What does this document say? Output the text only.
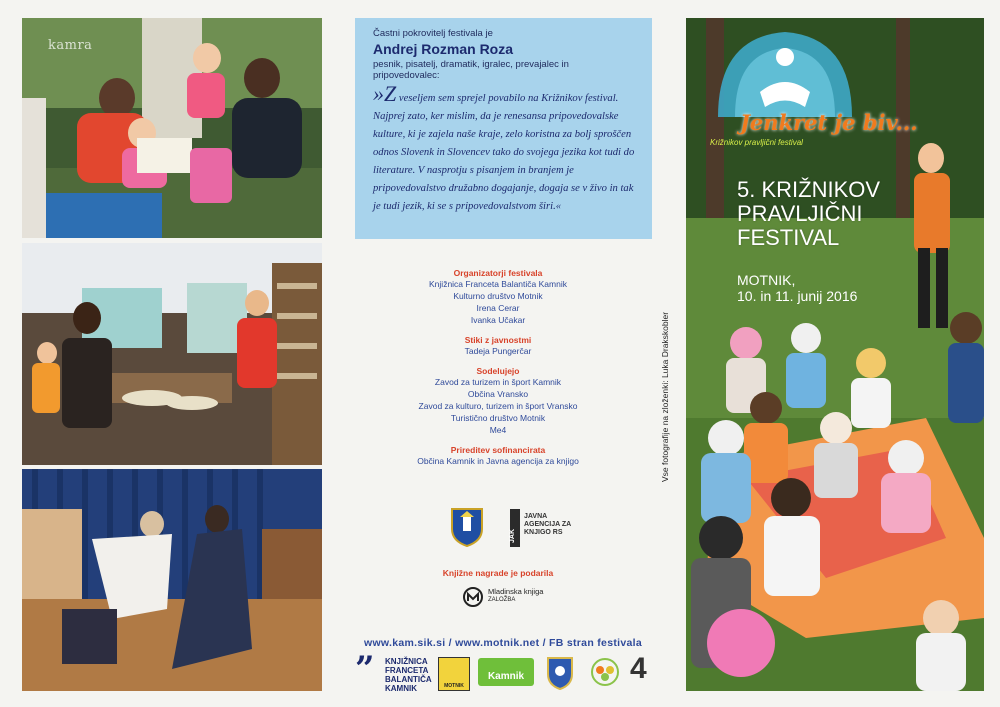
kamra
Častni pokrovitelj festivala je
Andrej Rozman Roza
pesnik, pisatelj, dramatik, igralec, prevajalec in pripovedovalec:
»Z veseljem sem sprejel povabilo na Križnikov festival. Najprej zato, ker mislim, da je renesansa pripovedovalske kulture, ki je zajela naše kraje, zelo koristna za bolj sproščen odnos Slovenk in Slovencev tako do svojega jezika kot tudi do literature. V nasprotju s pisanjem in branjem je pripovedovalstvo družabno dogajanje, dogaja se v živo in tak je tudi jezik, ki se s pripovedovalstvom širi.«
Organizatorji festivala
Knjižnica Franceta Balantiča Kamnik
Kulturno društvo Motnik
Irena Cerar
Ivanka Učakar
Stiki z javnostmi
Tadeja Pungerčar
Sodelujejo
Zavod za turizem in šport Kamnik
Občina Vransko
Zavod za kulturo, turizem in šport Vransko
Turistično društvo Motnik
Me4
Prireditev sofinancirata
Občina Kamnik in Javna agencija za knjigo
JAK
JAVNA
AGENCIJA ZA
KNJIGO RS
Knjižne nagrade je podarila
Mladinska knjiga
ZALOŽBA
Vse fotografije na zloženki: Luka Drakskobler
www.kam.sik.si / www.motnik.net / FB stran festivala
” KNJIŽNICA
FRANCETA
BALANTIČA
KAMNIK	MOTNIK
Kamnik	4
Jenkret je biv...
Križnikov pravljični festival
5. KRIŽNIKOV
PRAVLJIČNI
FESTIVAL
MOTNIK,
10. in 11. junij 2016
